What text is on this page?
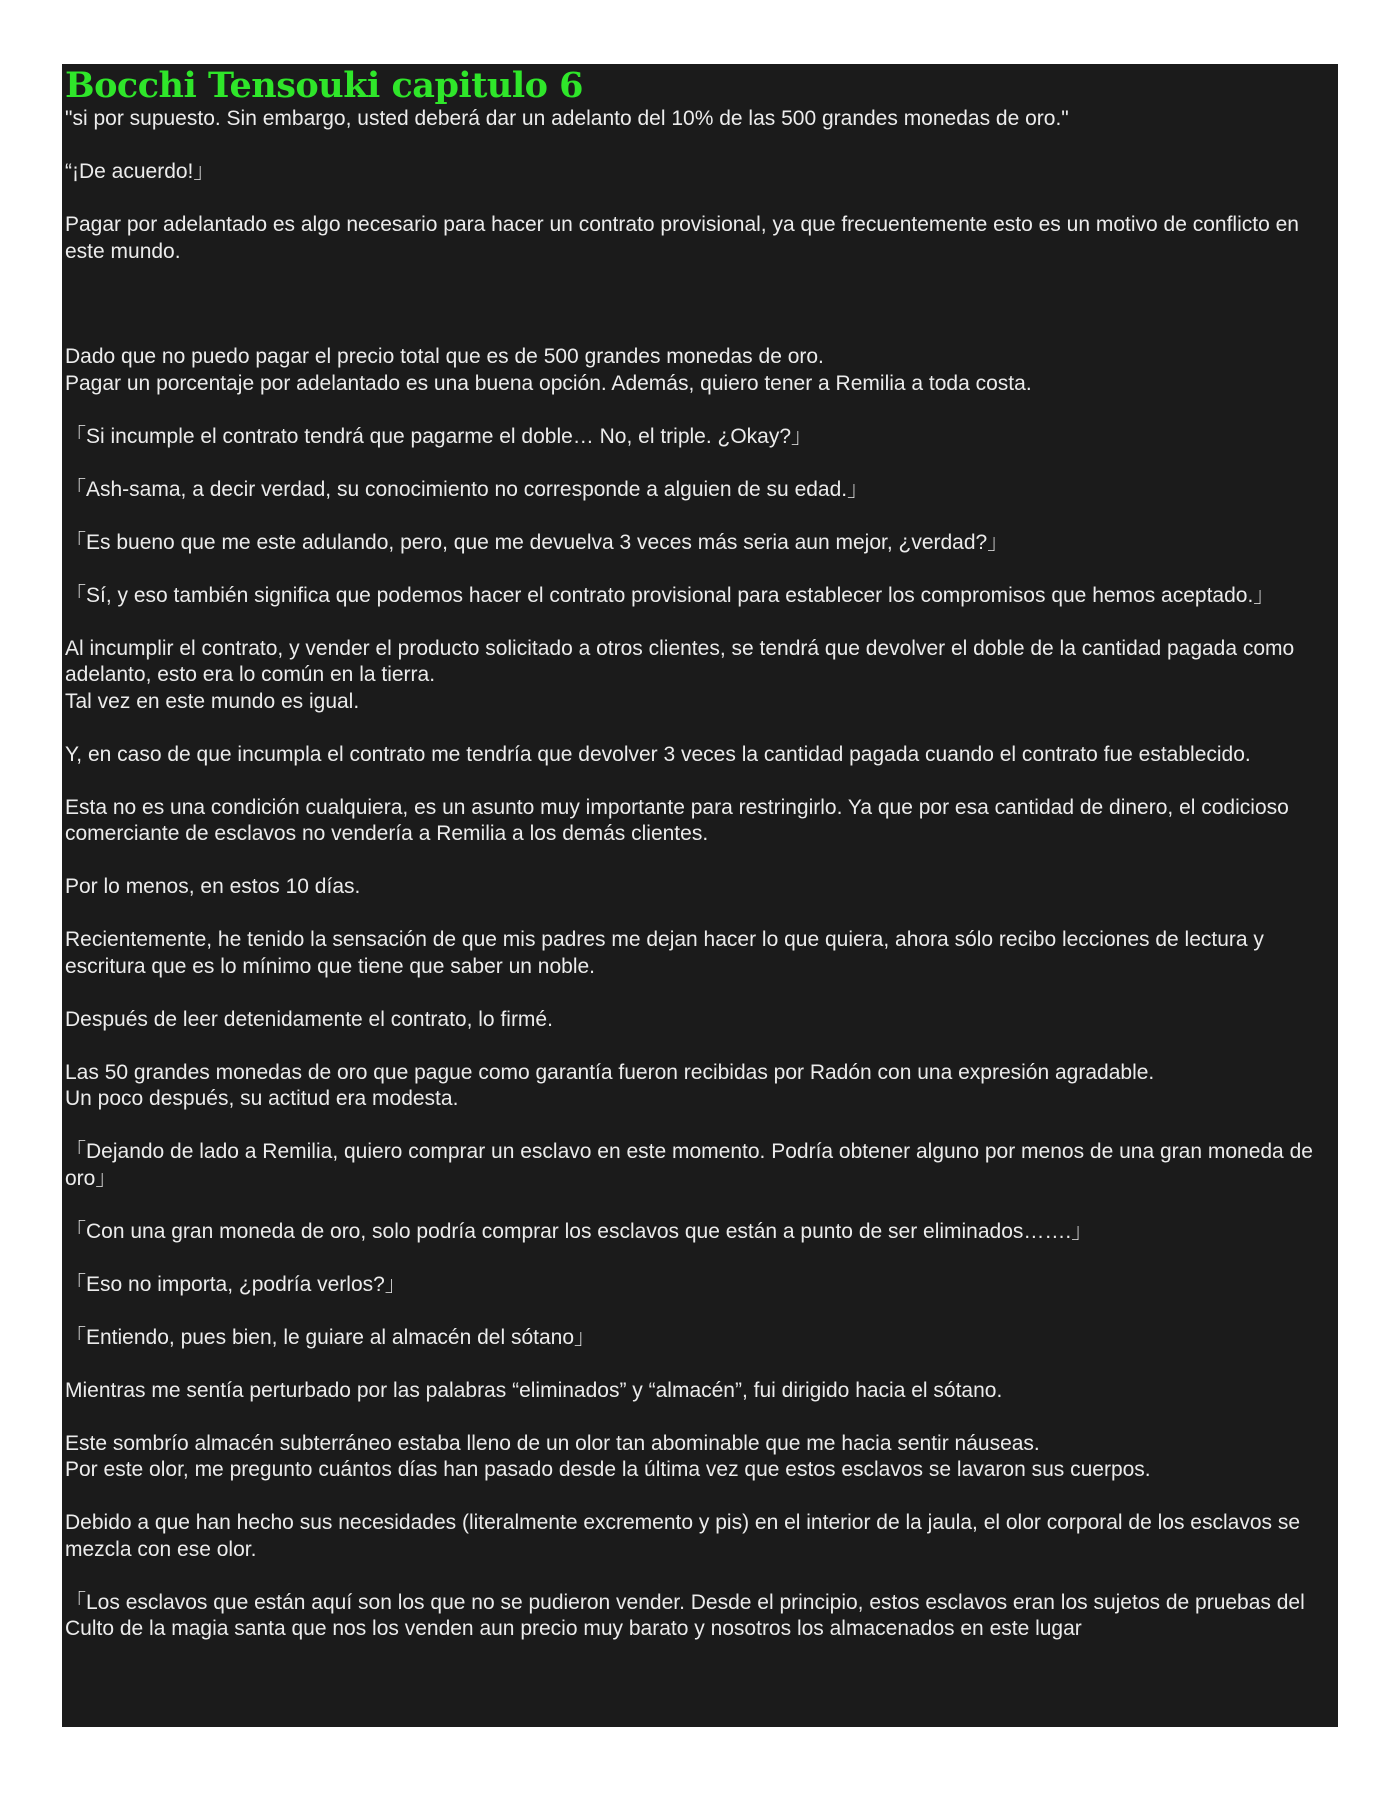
Bocchi Tensouki capitulo 6

"si por supuesto. Sin embargo, usted deberá dar un adelanto del 10% de las 500 grandes monedas de oro."

“¡De acuerdo!」

Pagar por adelantado es algo necesario para hacer un contrato provisional, ya que frecuentemente esto es un motivo de conflicto en este mundo.

Dado que no puedo pagar el precio total que es de 500 grandes monedas de oro.
Pagar un porcentaje por adelantado es una buena opción. Además, quiero tener a Remilia a toda costa.

「Si incumple el contrato tendrá que pagarme el doble… No, el triple. ¿Okay?」

「Ash-sama, a decir verdad, su conocimiento no corresponde a alguien de su edad.」

「Es bueno que me este adulando, pero, que me devuelva 3 veces más seria aun mejor, ¿verdad?」

「Sí, y eso también significa que podemos hacer el contrato provisional para establecer los compromisos que hemos aceptado.」

Al incumplir el contrato, y vender el producto solicitado a otros clientes, se tendrá que devolver el doble de la cantidad pagada como adelanto, esto era lo común en la tierra.
Tal vez en este mundo es igual.

Y, en caso de que incumpla el contrato me tendría que devolver 3 veces la cantidad pagada cuando el contrato fue establecido.

Esta no es una condición cualquiera, es un asunto muy importante para restringirlo. Ya que por esa cantidad de dinero, el codicioso comerciante de esclavos no vendería a Remilia a los demás clientes.

Por lo menos, en estos 10 días.

Recientemente, he tenido la sensación de que mis padres me dejan hacer lo que quiera, ahora sólo recibo lecciones de lectura y escritura que es lo mínimo que tiene que saber un noble.

Después de leer detenidamente el contrato, lo firmé.

Las 50 grandes monedas de oro que pague como garantía fueron recibidas por Radón con una expresión agradable.
Un poco después, su actitud era modesta.

「Dejando de lado a Remilia, quiero comprar un esclavo en este momento. Podría obtener alguno por menos de una gran moneda de oro」

「Con una gran moneda de oro, solo podría comprar los esclavos que están a punto de ser eliminados…….」

「Eso no importa, ¿podría verlos?」

「Entiendo, pues bien, le guiare al almacén del sótano」

Mientras me sentía perturbado por las palabras “eliminados” y “almacén”, fui dirigido hacia el sótano.

Este sombrío almacén subterráneo estaba lleno de un olor tan abominable que me hacia sentir náuseas.
Por este olor, me pregunto cuántos días han pasado desde la última vez que estos esclavos se lavaron sus cuerpos.

Debido a que han hecho sus necesidades (literalmente excremento y pis) en el interior de la jaula, el olor corporal de los esclavos se mezcla con ese olor.

「Los esclavos que están aquí son los que no se pudieron vender. Desde el principio, estos esclavos eran los sujetos de pruebas del Culto de la magia santa que nos los venden aun precio muy barato y nosotros los almacenados en este lugar
